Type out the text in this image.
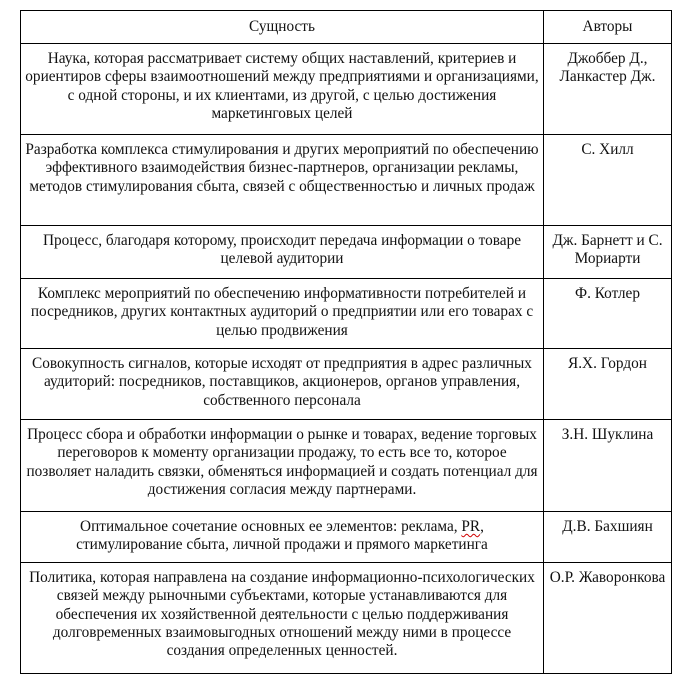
Сущность	Авторы
Наука, которая рассматривает систему общих наставлений, критериев и ориентиров сферы взаимоотношений между предприятиями и организациями, с одной стороны, и их клиентами, из другой, с целью достижения маркетинговых целей	Джоббер Д., Ланкастер Дж.
Разработка комплекса стимулирования и других мероприятий по обеспечению эффективного взаимодействия бизнес-партнеров, организации рекламы, методов стимулирования сбыта, связей с общественностью и личных продаж	С. Хилл
Процесс, благодаря которому, происходит передача информации о товаре целевой аудитории	Дж. Барнетт и С. Мориарти
Комплекс мероприятий по обеспечению информативности потребителей и посредников, других контактных аудиторий о предприятии или его товарах с целью продвижения	Ф. Котлер
Совокупность сигналов, которые исходят от предприятия в адрес различных аудиторий: посредников, поставщиков, акционеров, органов управления, собственного персонала	Я.Х. Гордон
Процесс сбора и обработки информации о рынке и товарах, ведение торговых переговоров к моменту организации продажу, то есть все то, которое позволяет наладить связки, обменяться информацией и создать потенциал для достижения согласия между партнерами.	З.Н. Шуклина
Оптимальное сочетание основных ее элементов: реклама, PR, стимулирование сбыта, личной продажи и прямого маркетинга	Д.В. Бахшиян
Политика, которая направлена на создание информационно-психологических связей между рыночными субъектами, которые устанавливаются для обеспечения их хозяйственной деятельности с целью поддерживания долговременных взаимовыгодных отношений между ними в процессе создания определенных ценностей.	О.Р. Жаворонкова
